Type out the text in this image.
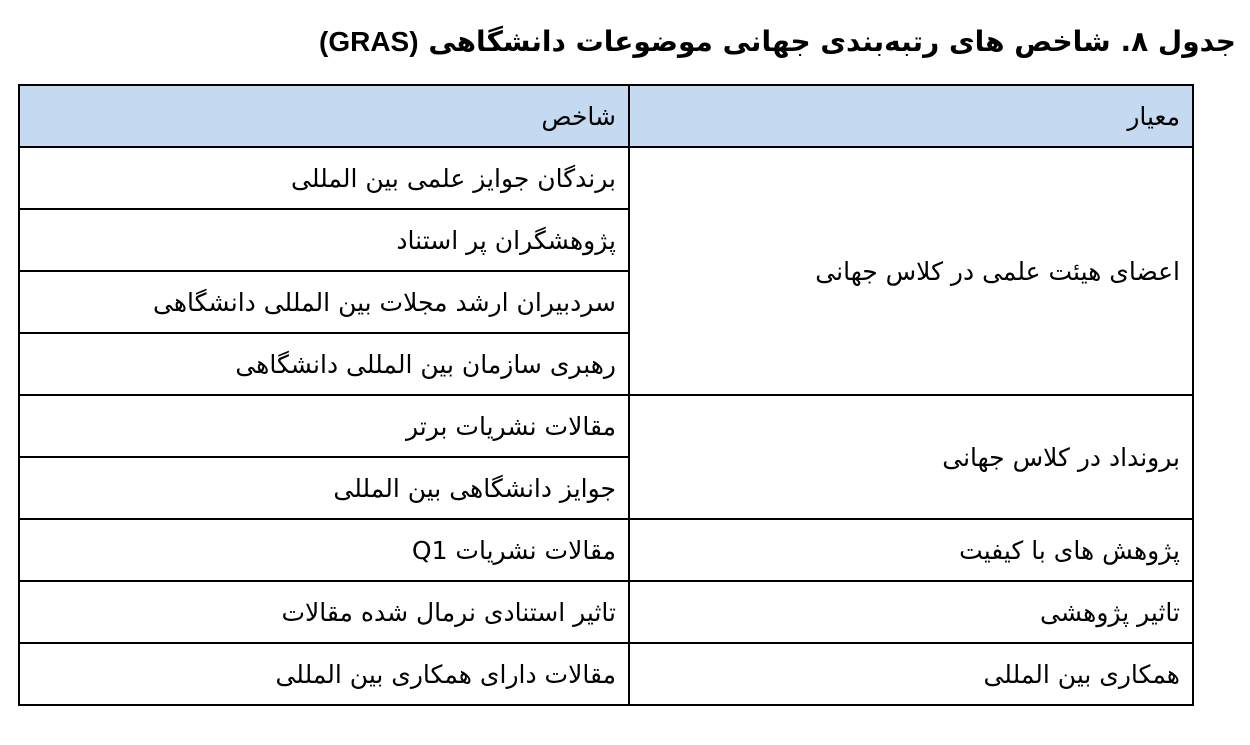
جدول ۸. شاخص های رتبه‌بندی جهانی موضوعات دانشگاهی (GRAS)
معیار	شاخص
اعضای هیئت علمی در کلاس جهانی	برندگان جوایز علمی بین المللی
	پژوهشگران پر استناد
	سردبیران ارشد مجلات بین المللی دانشگاهی
	رهبری سازمان بین المللی دانشگاهی
برونداد در کلاس جهانی	مقالات نشریات برتر
	جوایز دانشگاهی بین المللی
پژوهش های با کیفیت	مقالات نشریات Q1
تاثیر پژوهشی	تاثیر استنادی نرمال شده مقالات
همکاری بین المللی	مقالات دارای همکاری بین المللی
